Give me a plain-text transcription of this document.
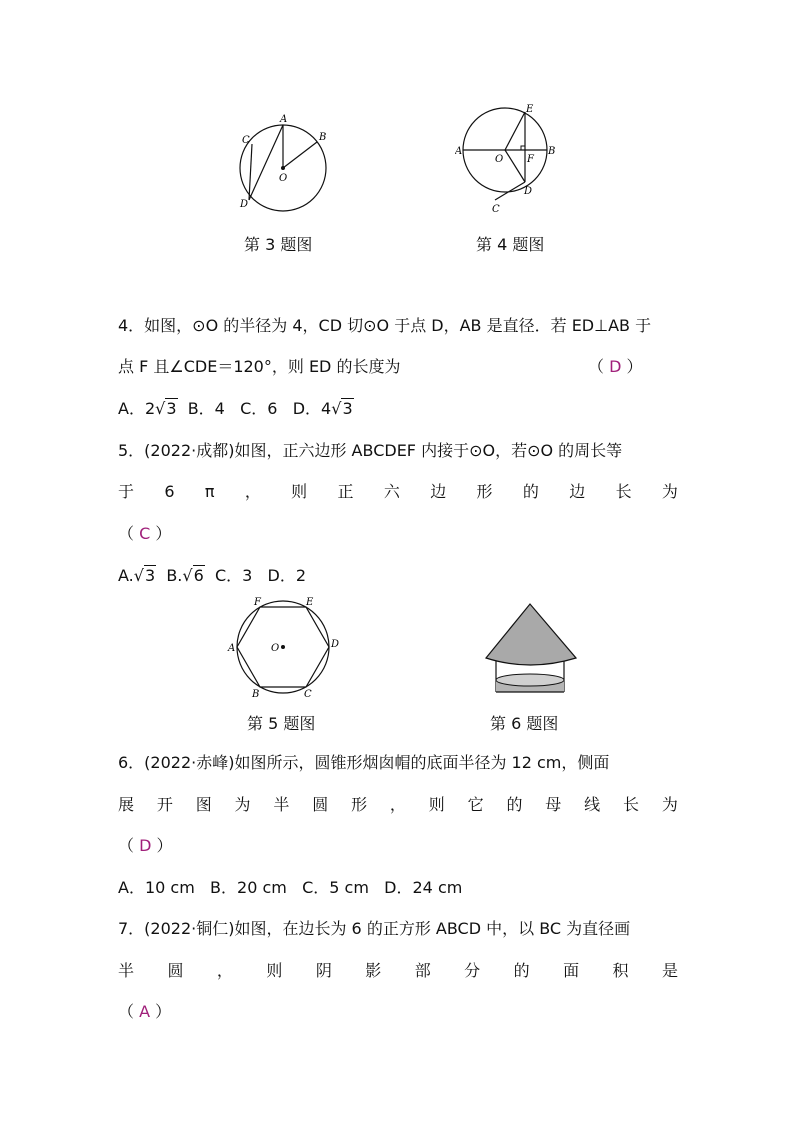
A
B
C
D
O
第 3 题图
E
A	B
O F
D
C
第 4 题图
4．如图，⊙O 的半径为 4，CD 切⊙O 于点 D，AB 是直径．若 ED⊥AB 于
点 F 且∠CDE＝120°，则 ED 的长度为	（ D ）
A．2√3  B．4   C．6   D．4√3
5．(2022·成都)如图，正六边形 ABCDEF 内接于⊙O，若⊙O 的周长等
于 6 π ， 则 正 六 边 形 的 边 长 为
（ C ）
A.√3  B.√6  C．3   D．2
F	E
A	D
O
B	C
第 5 题图	第 6 题图
6．(2022·赤峰)如图所示，圆锥形烟囱帽的底面半径为 12 cm，侧面
展 开 图 为 半 圆 形 ， 则 它 的 母 线 长 为
（ D ）
A．10 cm   B．20 cm   C．5 cm   D．24 cm
7．(2022·铜仁)如图，在边长为 6 的正方形 ABCD 中，以 BC 为直径画
半 圆 ， 则 阴 影 部 分 的 面 积 是
（ A ）
